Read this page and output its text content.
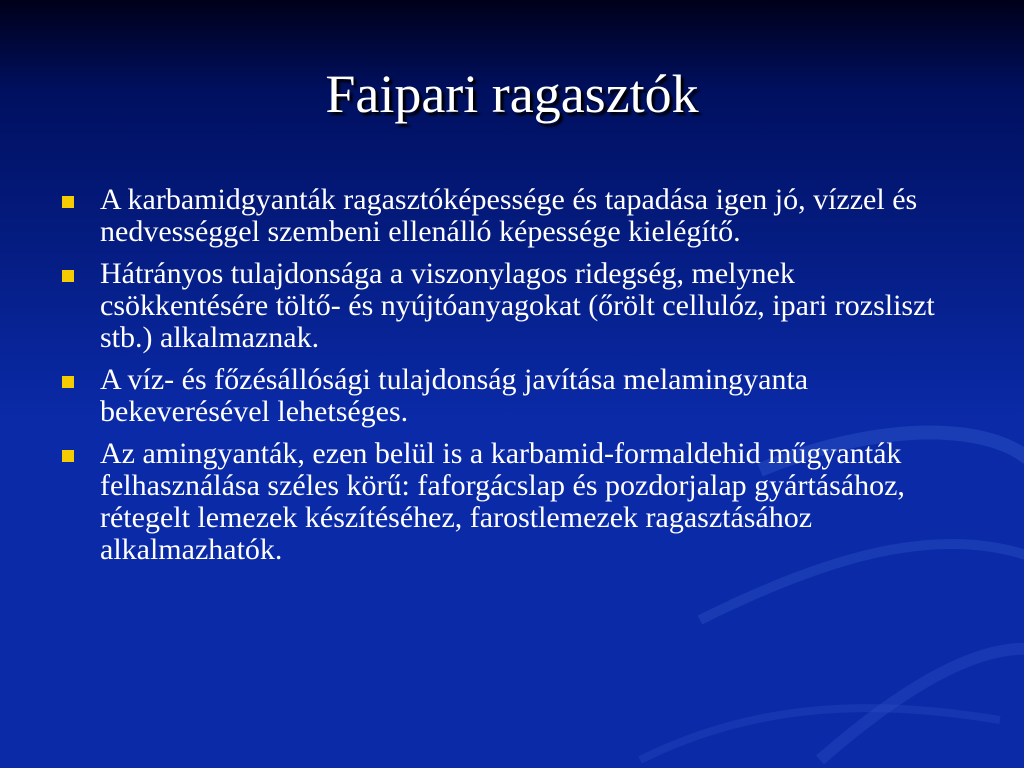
Faipari ragasztók
A karbamidgyanták ragasztóképessége és tapadása igen jó, vízzel és nedvességgel szembeni ellenálló képessége kielégítő.
Hátrányos tulajdonsága a viszonylagos ridegség, melynek csökkentésére töltő- és nyújtóanyagokat (őrölt cellulóz, ipari rozsliszt stb.) alkalmaznak.
A víz- és főzésállósági tulajdonság javítása melamingyanta bekeverésével lehetséges.
Az amingyanták, ezen belül is a karbamid-formaldehid műgyanták felhasználása széles körű: faforgácslap és pozdorjalap gyártásához, rétegelt lemezek készítéséhez, farostlemezek ragasztásához alkalmazhatók.
